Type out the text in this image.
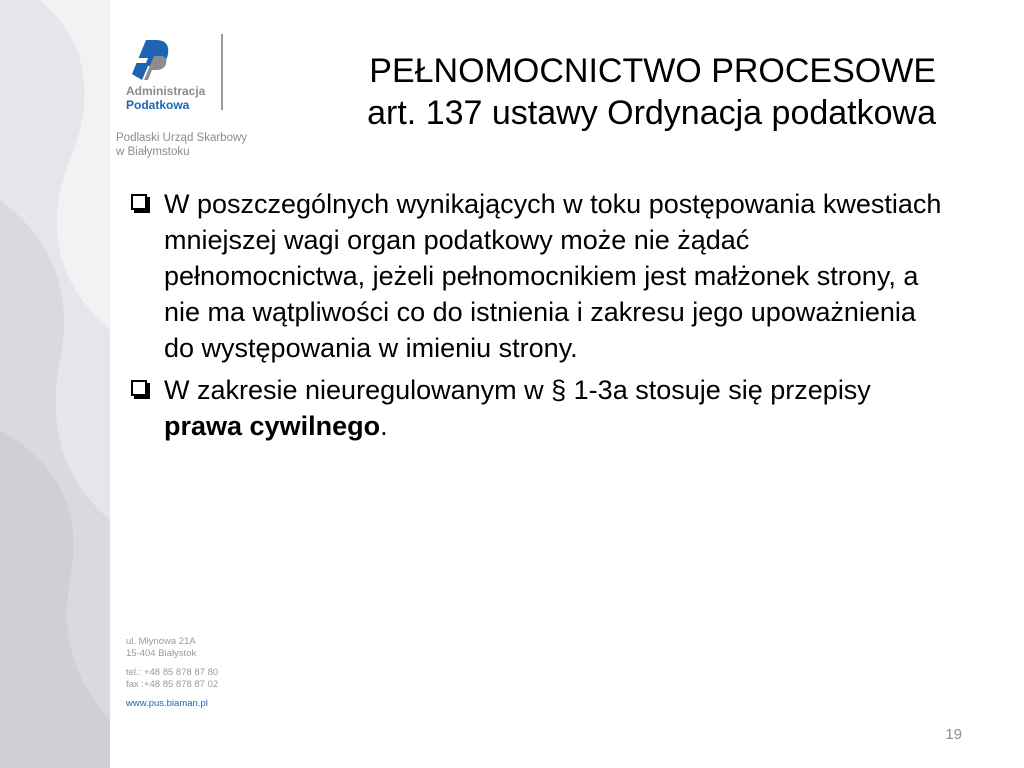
Administracja
Podatkowa
Podlaski Urząd Skarbowy
w Białymstoku
PEŁNOMOCNICTWO PROCESOWE
art. 137 ustawy Ordynacja podatkowa
W poszczególnych wynikających w toku postępowania kwestiach mniejszej wagi organ podatkowy może nie żądać pełnomocnictwa, jeżeli pełnomocnikiem jest małżonek strony, a nie ma wątpliwości co do istnienia i zakresu jego upoważnienia do występowania w imieniu strony.
W zakresie nieuregulowanym w § 1-3a stosuje się przepisy prawa cywilnego.
ul. Młynowa 21A
15-404 Białystok
tel.: +48 85 878 87 80
fax :+48 85 878 87 02
www.pus.biaman.pl
19
